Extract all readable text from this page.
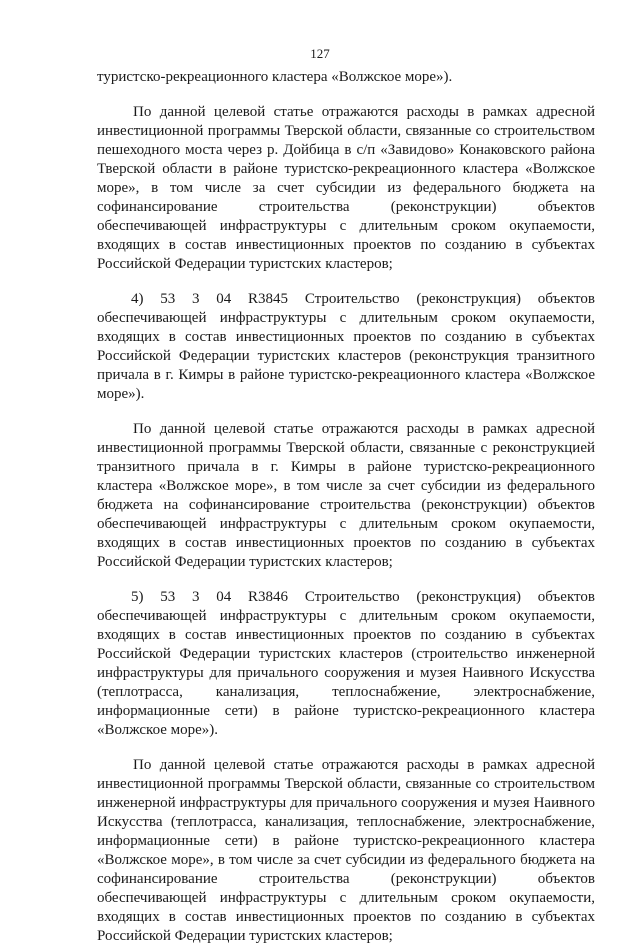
127

туристско-рекреационного кластера «Волжское море»).

По данной целевой статье отражаются расходы в рамках адресной инвестиционной программы Тверской области, связанные со строительством пешеходного моста через р. Дойбица в с/п «Завидово» Конаковского района Тверской области в районе туристско-рекреационного кластера «Волжское море», в том числе за счет субсидии из федерального бюджета на софинансирование строительства (реконструкции) объектов обеспечивающей инфраструктуры с длительным сроком окупаемости, входящих в состав инвестиционных проектов по созданию в субъектах Российской Федерации туристских кластеров;

4) 53 3 04 R3845 Строительство (реконструкция) объектов обеспечивающей инфраструктуры с длительным сроком окупаемости, входящих в состав инвестиционных проектов по созданию в субъектах Российской Федерации туристских кластеров (реконструкция транзитного причала в г. Кимры в районе туристско-рекреационного кластера «Волжское море»).

По данной целевой статье отражаются расходы в рамках адресной инвестиционной программы Тверской области, связанные с реконструкцией транзитного причала в г. Кимры в районе туристско-рекреационного кластера «Волжское море», в том числе за счет субсидии из федерального бюджета на софинансирование строительства (реконструкции) объектов обеспечивающей инфраструктуры с длительным сроком окупаемости, входящих в состав инвестиционных проектов по созданию в субъектах Российской Федерации туристских кластеров;

5) 53 3 04 R3846 Строительство (реконструкция) объектов обеспечивающей инфраструктуры с длительным сроком окупаемости, входящих в состав инвестиционных проектов по созданию в субъектах Российской Федерации туристских кластеров (строительство инженерной инфраструктуры для причального сооружения и музея Наивного Искусства (теплотрасса, канализация, теплоснабжение, электроснабжение, информационные сети) в районе туристско-рекреационного кластера «Волжское море»).

По данной целевой статье отражаются расходы в рамках адресной инвестиционной программы Тверской области, связанные со строительством инженерной инфраструктуры для причального сооружения и музея Наивного Искусства (теплотрасса, канализация, теплоснабжение, электроснабжение, информационные сети) в районе туристско-рекреационного кластера «Волжское море», в том числе за счет субсидии из федерального бюджета на софинансирование строительства (реконструкции) объектов обеспечивающей инфраструктуры с длительным сроком окупаемости, входящих в состав инвестиционных проектов по созданию в субъектах Российской Федерации туристских кластеров;
